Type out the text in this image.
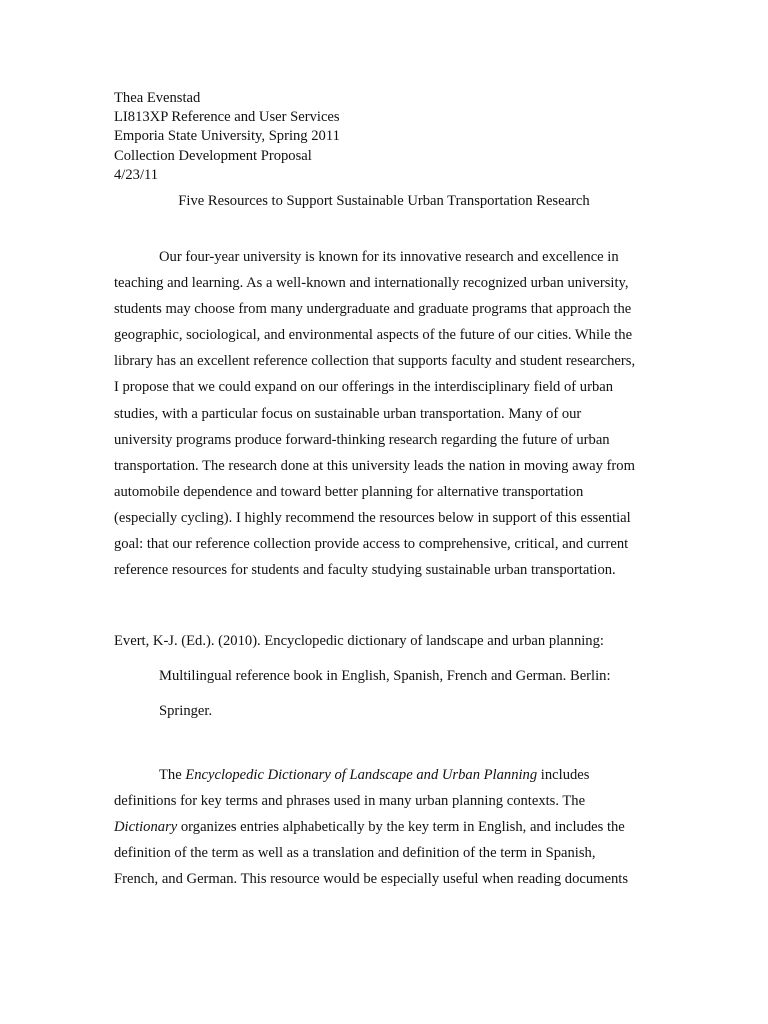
Thea Evenstad
LI813XP Reference and User Services
Emporia State University, Spring 2011
Collection Development Proposal
4/23/11
Five Resources to Support Sustainable Urban Transportation Research
Our four-year university is known for its innovative research and excellence in
teaching and learning. As a well-known and internationally recognized urban university,
students may choose from many undergraduate and graduate programs that approach the
geographic, sociological, and environmental aspects of the future of our cities. While the
library has an excellent reference collection that supports faculty and student researchers,
I propose that we could expand on our offerings in the interdisciplinary field of urban
studies, with a particular focus on sustainable urban transportation. Many of our
university programs produce forward-thinking research regarding the future of urban
transportation. The research done at this university leads the nation in moving away from
automobile dependence and toward better planning for alternative transportation
(especially cycling). I highly recommend the resources below in support of this essential
goal: that our reference collection provide access to comprehensive, critical, and current
reference resources for students and faculty studying sustainable urban transportation.
Evert, K-J. (Ed.). (2010). Encyclopedic dictionary of landscape and urban planning:
Multilingual reference book in English, Spanish, French and German. Berlin:
Springer.
The Encyclopedic Dictionary of Landscape and Urban Planning includes
definitions for key terms and phrases used in many urban planning contexts. The
Dictionary organizes entries alphabetically by the key term in English, and includes the
definition of the term as well as a translation and definition of the term in Spanish,
French, and German. This resource would be especially useful when reading documents
